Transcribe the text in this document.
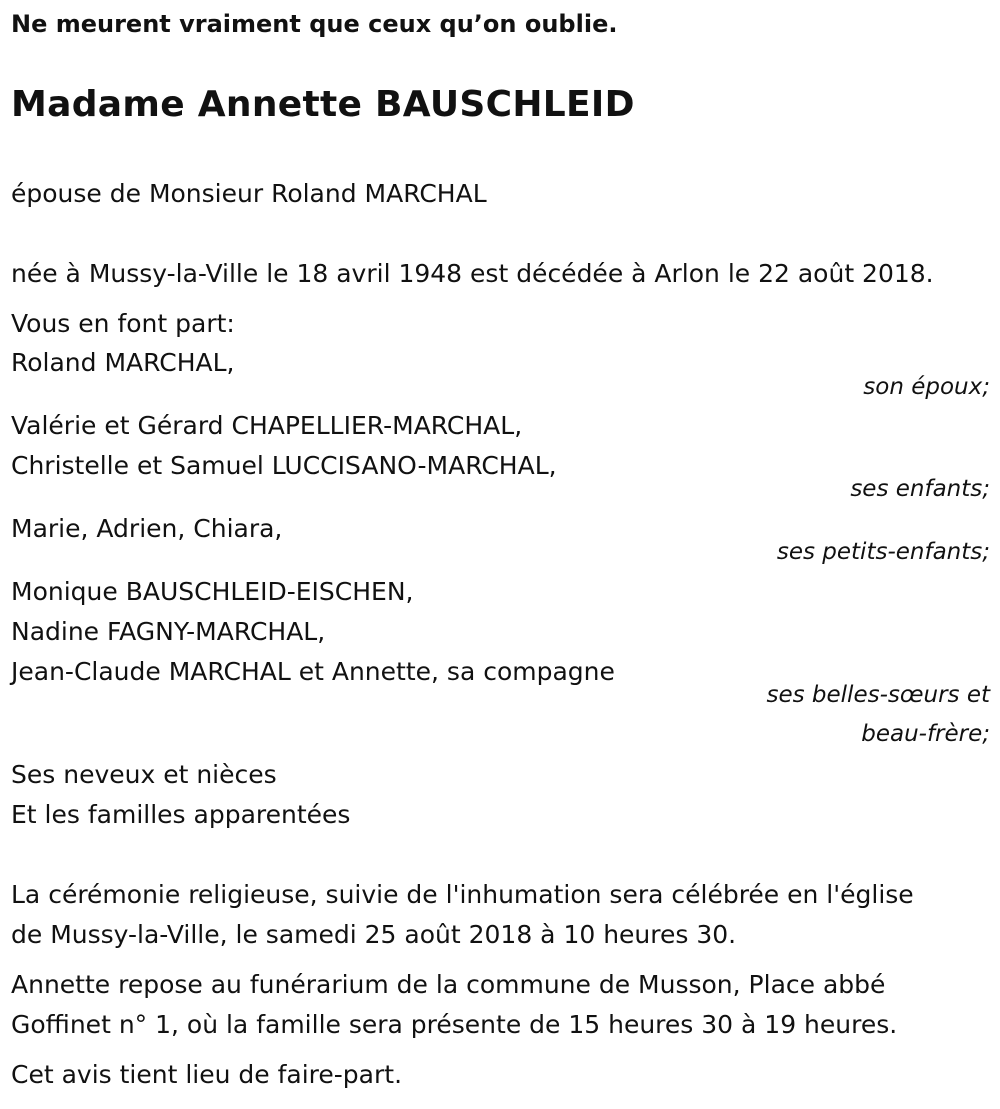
Ne meurent vraiment que ceux qu’on oublie.
Madame Annette BAUSCHLEID
épouse de Monsieur Roland MARCHAL
née à Mussy-la-Ville le 18 avril 1948 est décédée à Arlon le 22 août 2018.
Vous en font part:
Roland MARCHAL,
son époux;
Valérie et Gérard CHAPELLIER-MARCHAL,
Christelle et Samuel LUCCISANO-MARCHAL,
ses enfants;
Marie, Adrien, Chiara,
ses petits-enfants;
Monique BAUSCHLEID-EISCHEN,
Nadine FAGNY-MARCHAL,
Jean-Claude MARCHAL et Annette, sa compagne
ses belles-sœurs et
beau-frère;
Ses neveux et nièces
Et les familles apparentées
La cérémonie religieuse, suivie de l'inhumation sera célébrée en l'église
de Mussy-la-Ville, le samedi 25 août 2018 à 10 heures 30.
Annette repose au funérarium de la commune de Musson, Place abbé
Goffinet n° 1, où la famille sera présente de 15 heures 30 à 19 heures.
Cet avis tient lieu de faire-part.
